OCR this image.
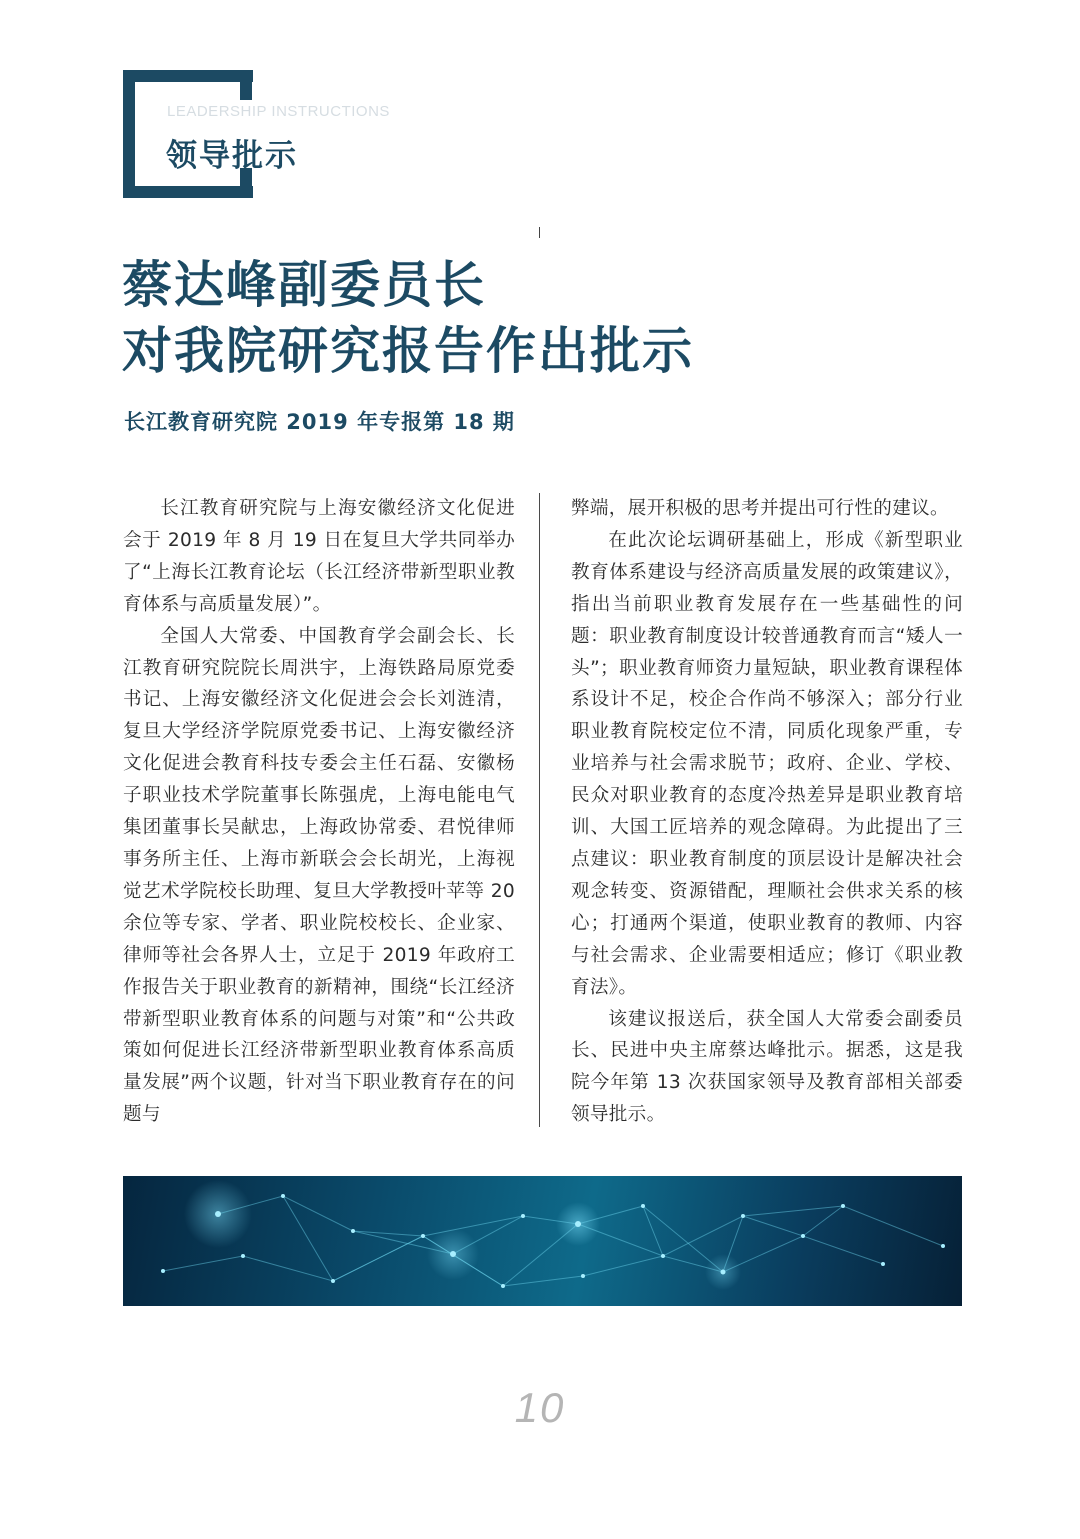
LEADERSHIP INSTRUCTIONS
领导批示
蔡达峰副委员长
对我院研究报告作出批示
长江教育研究院 2019 年专报第 18 期

长江教育研究院与上海安徽经济文化促进会于 2019 年 8 月 19 日在复旦大学共同举办了“上海长江教育论坛（长江经济带新型职业教育体系与高质量发展）”。

全国人大常委、中国教育学会副会长、长江教育研究院院长周洪宇，上海铁路局原党委书记、上海安徽经济文化促进会会长刘涟清，复旦大学经济学院原党委书记、上海安徽经济文化促进会教育科技专委会主任石磊、安徽杨子职业技术学院董事长陈强虎，上海电能电气集团董事长吴献忠，上海政协常委、君悦律师事务所主任、上海市新联会会长胡光，上海视觉艺术学院校长助理、复旦大学教授叶苹等 20 余位等专家、学者、职业院校校长、企业家、律师等社会各界人士，立足于 2019 年政府工作报告关于职业教育的新精神，围绕“长江经济带新型职业教育体系的问题与对策”和“公共政策如何促进长江经济带新型职业教育体系高质量发展”两个议题，针对当下职业教育存在的问题与

弊端，展开积极的思考并提出可行性的建议。

在此次论坛调研基础上，形成《新型职业教育体系建设与经济高质量发展的政策建议》，指出当前职业教育发展存在一些基础性的问题：职业教育制度设计较普通教育而言“矮人一头”；职业教育师资力量短缺，职业教育课程体系设计不足，校企合作尚不够深入；部分行业职业教育院校定位不清，同质化现象严重，专业培养与社会需求脱节；政府、企业、学校、民众对职业教育的态度冷热差异是职业教育培训、大国工匠培养的观念障碍。为此提出了三点建议：职业教育制度的顶层设计是解决社会观念转变、资源错配，理顺社会供求关系的核心；打通两个渠道，使职业教育的教师、内容与社会需求、企业需要相适应；修订《职业教育法》。

该建议报送后，获全国人大常委会副委员长、民进中央主席蔡达峰批示。据悉，这是我院今年第 13 次获国家领导及教育部相关部委领导批示。

10
